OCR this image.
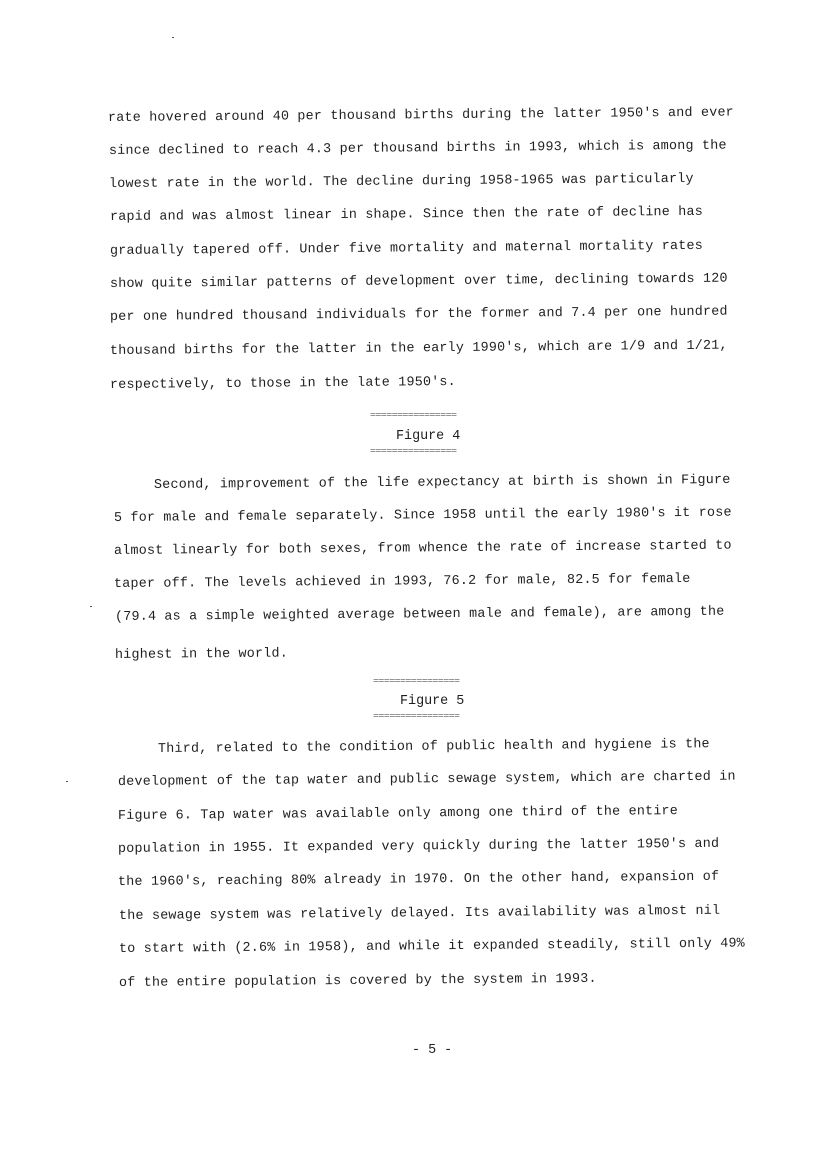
rate hovered around 40 per thousand births during the latter 1950's and ever
since declined to reach 4.3 per thousand births in 1993, which is among the
lowest rate in the world. The decline during 1958-1965 was particularly
rapid and was almost linear in shape. Since then the rate of decline has
gradually tapered off. Under five mortality and maternal mortality rates
show quite similar patterns of development over time, declining towards 120
per one hundred thousand individuals for the former and 7.4 per one hundred
thousand births for the latter in the early 1990's, which are 1/9 and 1/21,
respectively, to those in the late 1950's.
================
Figure 4
================
Second, improvement of the life expectancy at birth is shown in Figure
5 for male and female separately. Since 1958 until the early 1980's it rose
almost linearly for both sexes, from whence the rate of increase started to
taper off. The levels achieved in 1993, 76.2 for male, 82.5 for female
(79.4 as a simple weighted average between male and female), are among the
highest in the world.
================
Figure 5
================
Third, related to the condition of public health and hygiene is the
development of the tap water and public sewage system, which are charted in
Figure 6. Tap water was available only among one third of the entire
population in 1955. It expanded very quickly during the latter 1950's and
the 1960's, reaching 80% already in 1970. On the other hand, expansion of
the sewage system was relatively delayed. Its availability was almost nil
to start with (2.6% in 1958), and while it expanded steadily, still only 49%
of the entire population is covered by the system in 1993.
- 5 -
